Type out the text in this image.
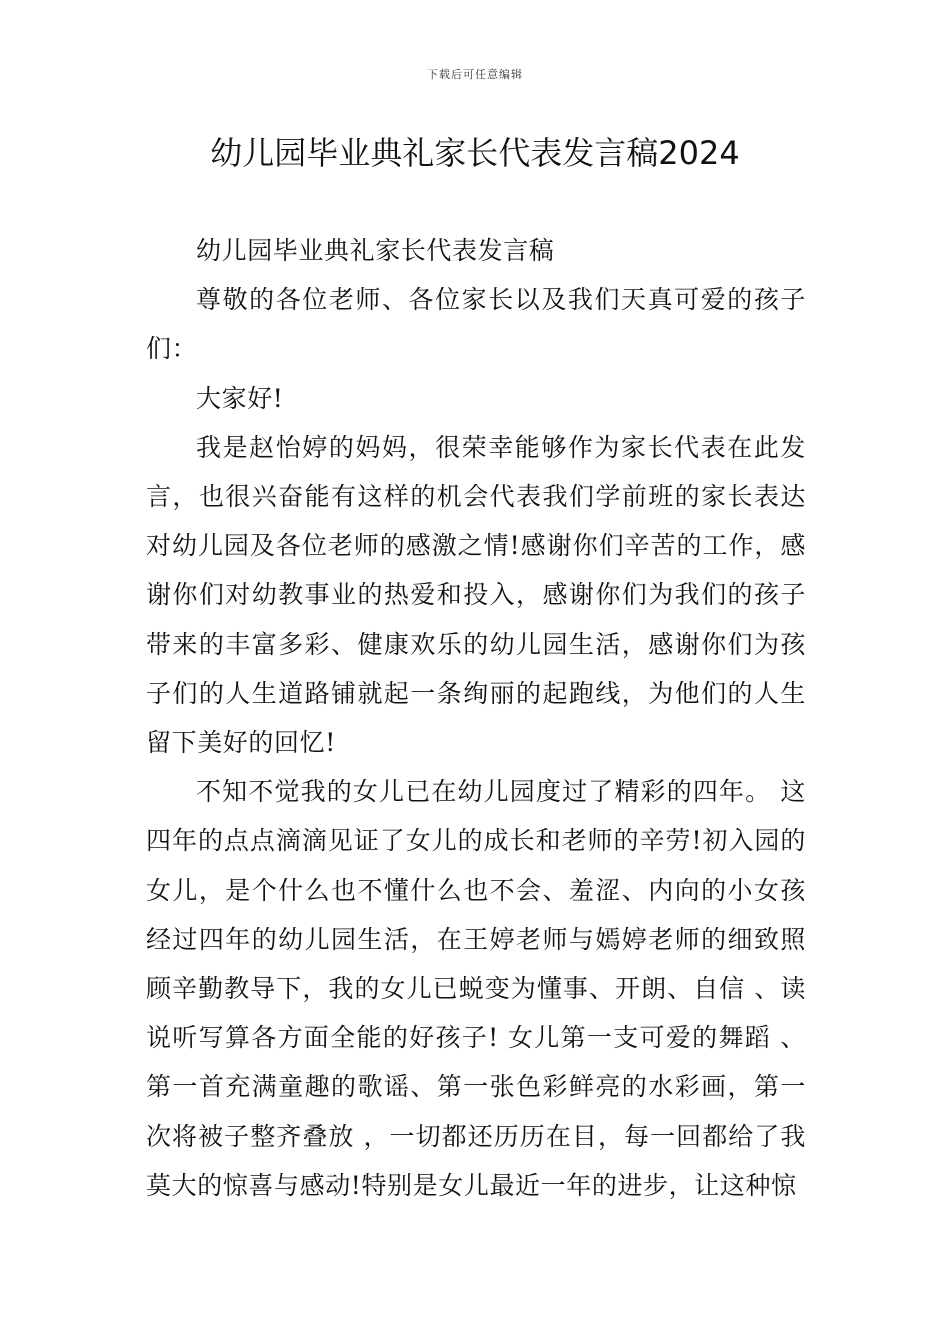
下载后可任意编辑
幼儿园毕业典礼家长代表发言稿2024

幼儿园毕业典礼家长代表发言稿

尊敬的各位老师、各位家长以及我们天真可爱的孩子们：

大家好!

我是赵怡婷的妈妈，很荣幸能够作为家长代表在此发言，也很兴奋能有这样的机会代表我们学前班的家长表达对幼儿园及各位老师的感激之情!感谢你们辛苦的工作，感谢你们对幼教事业的热爱和投入，感谢你们为我们的孩子带来的丰富多彩、健康欢乐的幼儿园生活，感谢你们为孩子们的人生道路铺就起一条绚丽的起跑线，为他们的人生留下美好的回忆!

不知不觉我的女儿已在幼儿园度过了精彩的四年。 这四年的点点滴滴见证了女儿的成长和老师的辛劳!初入园的女儿，是个什么也不懂什么也不会、羞涩、内向的小女孩经过四年的幼儿园生活，在王婷老师与嫣婷老师的细致照顾辛勤教导下，我的女儿已蜕变为懂事、开朗、自信 、读说听写算各方面全能的好孩子! 女儿第一支可爱的舞蹈 、第一首充满童趣的歌谣、第一张色彩鲜亮的水彩画，第一次将被子整齐叠放 ，一切都还历历在目，每一回都给了我莫大的惊喜与感动!特别是女儿最近一年的进步，让这种惊
